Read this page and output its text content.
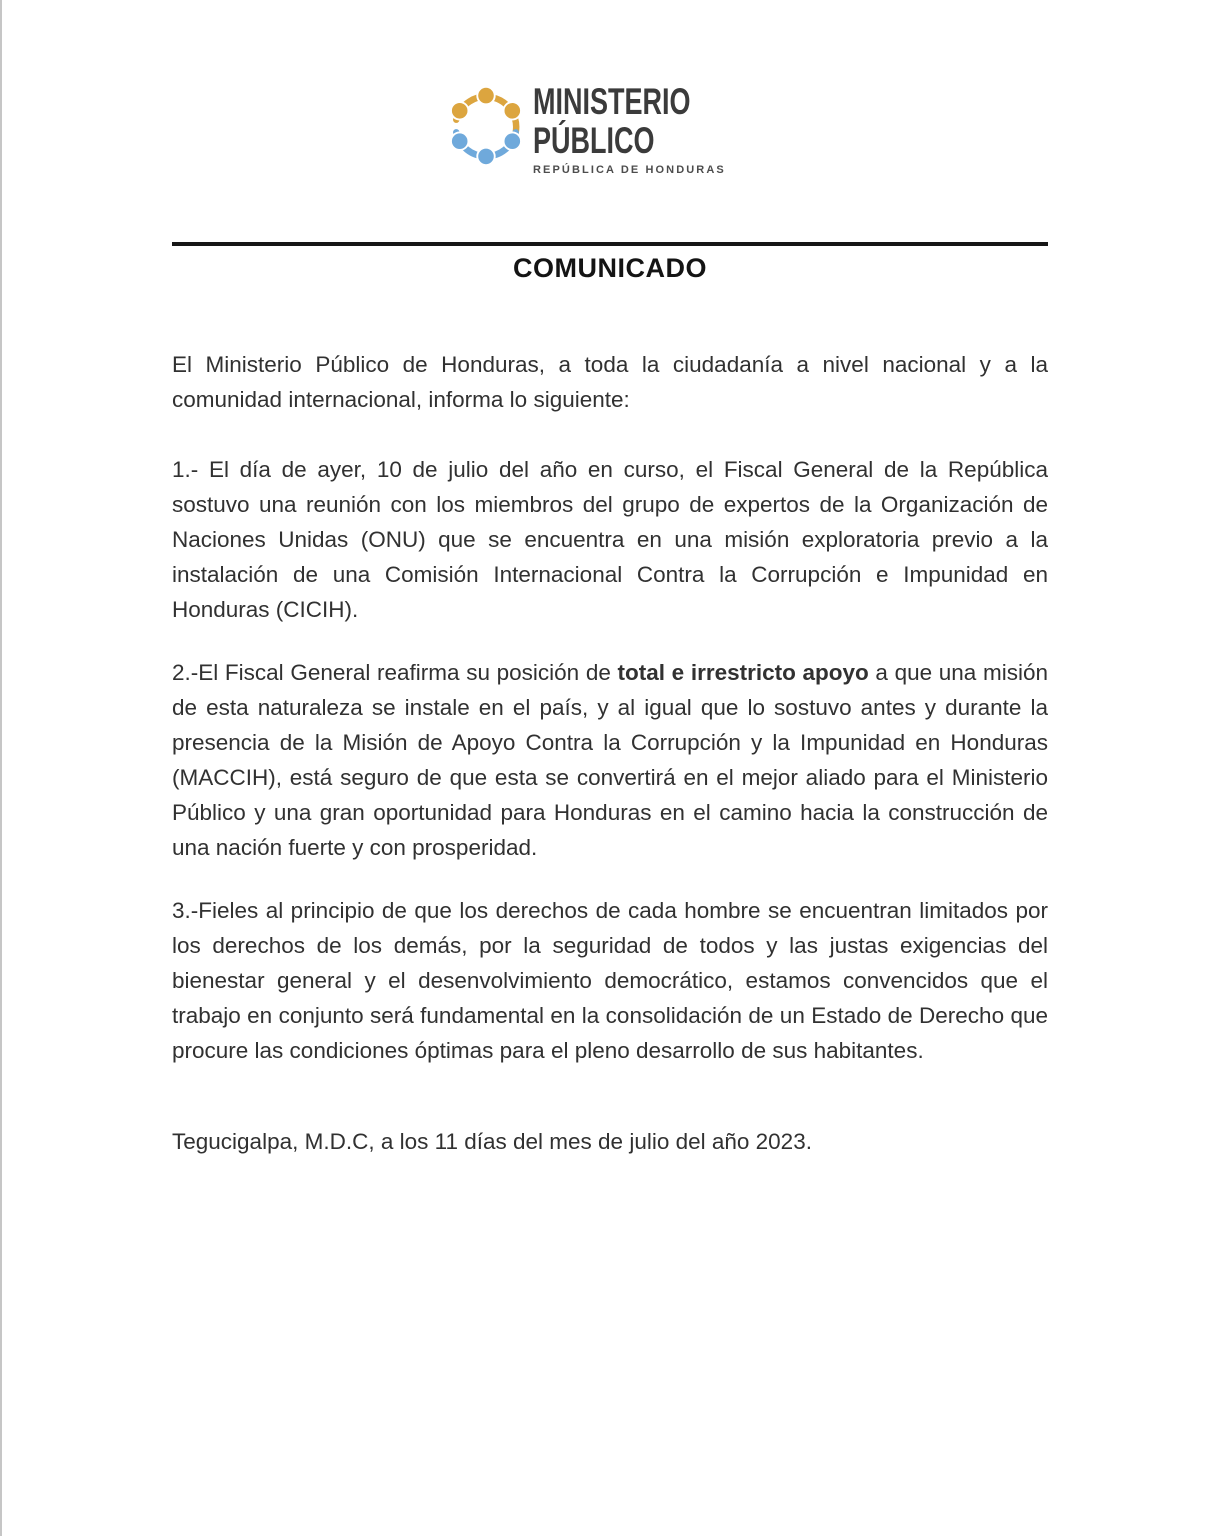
MINISTERIO
PÚBLICO
REPÚBLICA DE HONDURAS
COMUNICADO

El Ministerio Público de Honduras, a toda la ciudadanía a nivel nacional y a la comunidad internacional, informa lo siguiente:

1.- El día de ayer, 10 de julio del año en curso, el Fiscal General de la República sostuvo una reunión con los miembros del grupo de expertos de la Organización de Naciones Unidas (ONU) que se encuentra en una misión exploratoria previo a la instalación de una Comisión Internacional Contra la Corrupción e Impunidad en Honduras (CICIH).

2.-El Fiscal General reafirma su posición de total e irrestricto apoyo a que una misión de esta naturaleza se instale en el país, y al igual que lo sostuvo antes y durante la presencia de la Misión de Apoyo Contra la Corrupción y la Impunidad en Honduras (MACCIH), está seguro de que esta se convertirá en el mejor aliado para el Ministerio Público y una gran oportunidad para Honduras en el camino hacia la construcción de una nación fuerte y con prosperidad.

3.-Fieles al principio de que los derechos de cada hombre se encuentran limitados por los derechos de los demás, por la seguridad de todos y las justas exigencias del bienestar general y el desenvolvimiento democrático, estamos convencidos que el trabajo en conjunto será fundamental en la consolidación de un Estado de Derecho que procure las condiciones óptimas para el pleno desarrollo de sus habitantes.

Tegucigalpa, M.D.C, a los 11 días del mes de julio del año 2023.
